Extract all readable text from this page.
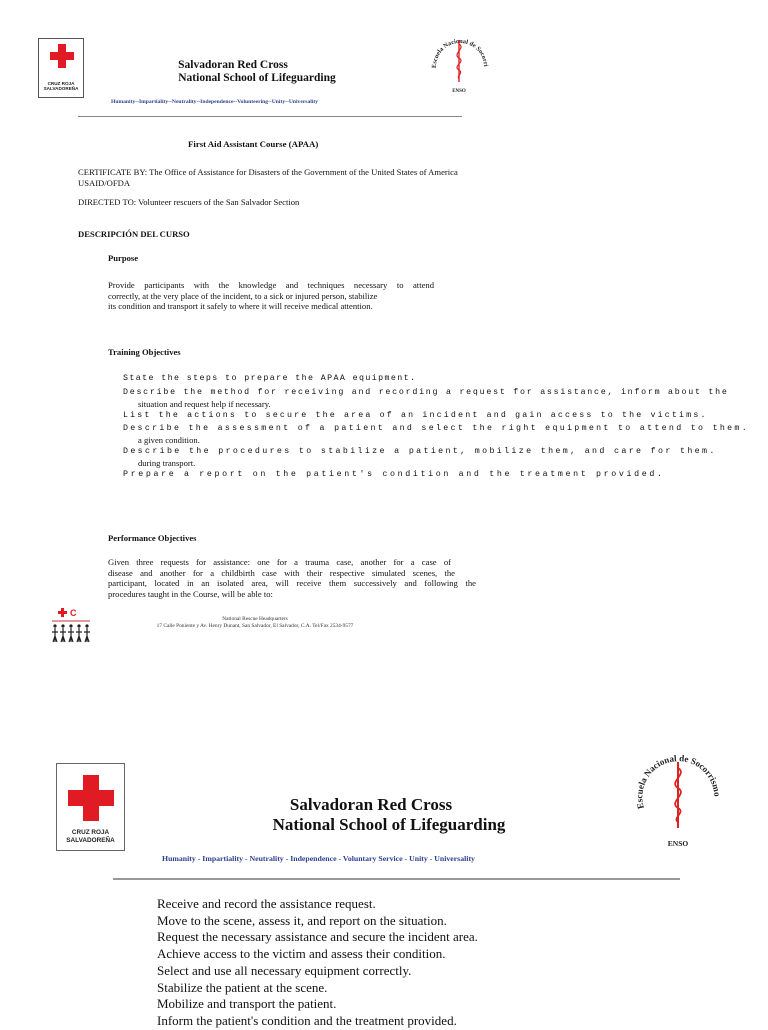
CRUZ ROJA
SALVADOREÑA
Salvadoran Red Cross
National School of Lifeguarding
Escuela Nacional de Socorri
ENSO
Humanity--Impartiality--Neutrality--Independence--Volunteering--Unity--Universality
First Aid Assistant Course (APAA)
CERTIFICATE BY: The Office of Assistance for Disasters of the Government of the United States of America
USAID/OFDA
DIRECTED TO: Volunteer rescuers of the San Salvador Section
DESCRIPCIÓN DEL CURSO
Purpose
Provide participants with the knowledge and techniques necessary to attend
correctly, at the very place of the incident, to a sick or injured person, stabilize
its condition and transport it safely to where it will receive medical attention.
Training Objectives
State the steps to prepare the APAA equipment.
Describe the method for receiving and recording a request for assistance, inform about the
situation and request help if necessary.
List the actions to secure the area of an incident and gain access to the victims.
Describe the assessment of a patient and select the right equipment to attend to them.
a given condition.
Describe the procedures to stabilize a patient, mobilize them, and care for them.
during transport.
Prepare a report on the patient's condition and the treatment provided.
Performance Objectives
Given three requests for assistance: one for a trauma case, another for a case of
disease and another for a childbirth case with their respective simulated scenes, the
participant, located in an isolated area, will receive them successively and following the
procedures taught in the Course, will be able to:
C
National Rescue Headquarters
17 Calle Poniente y Av. Henry Dunant, San Salvador, El Salvador, C.A. Tel/Fax 2534-9577
CRUZ ROJA
SALVADOREÑA
Salvadoran Red Cross
National School of Lifeguarding
ela Nacional de Socorris
ENSO
Humanity - Impartiality - Neutrality - Independence - Voluntary Service - Unity - Universality
Receive and record the assistance request.
Move to the scene, assess it, and report on the situation.
Request the necessary assistance and secure the incident area.
Achieve access to the victim and assess their condition.
Select and use all necessary equipment correctly.
Stabilize the patient at the scene.
Mobilize and transport the patient.
Inform the patient's condition and the treatment provided.
